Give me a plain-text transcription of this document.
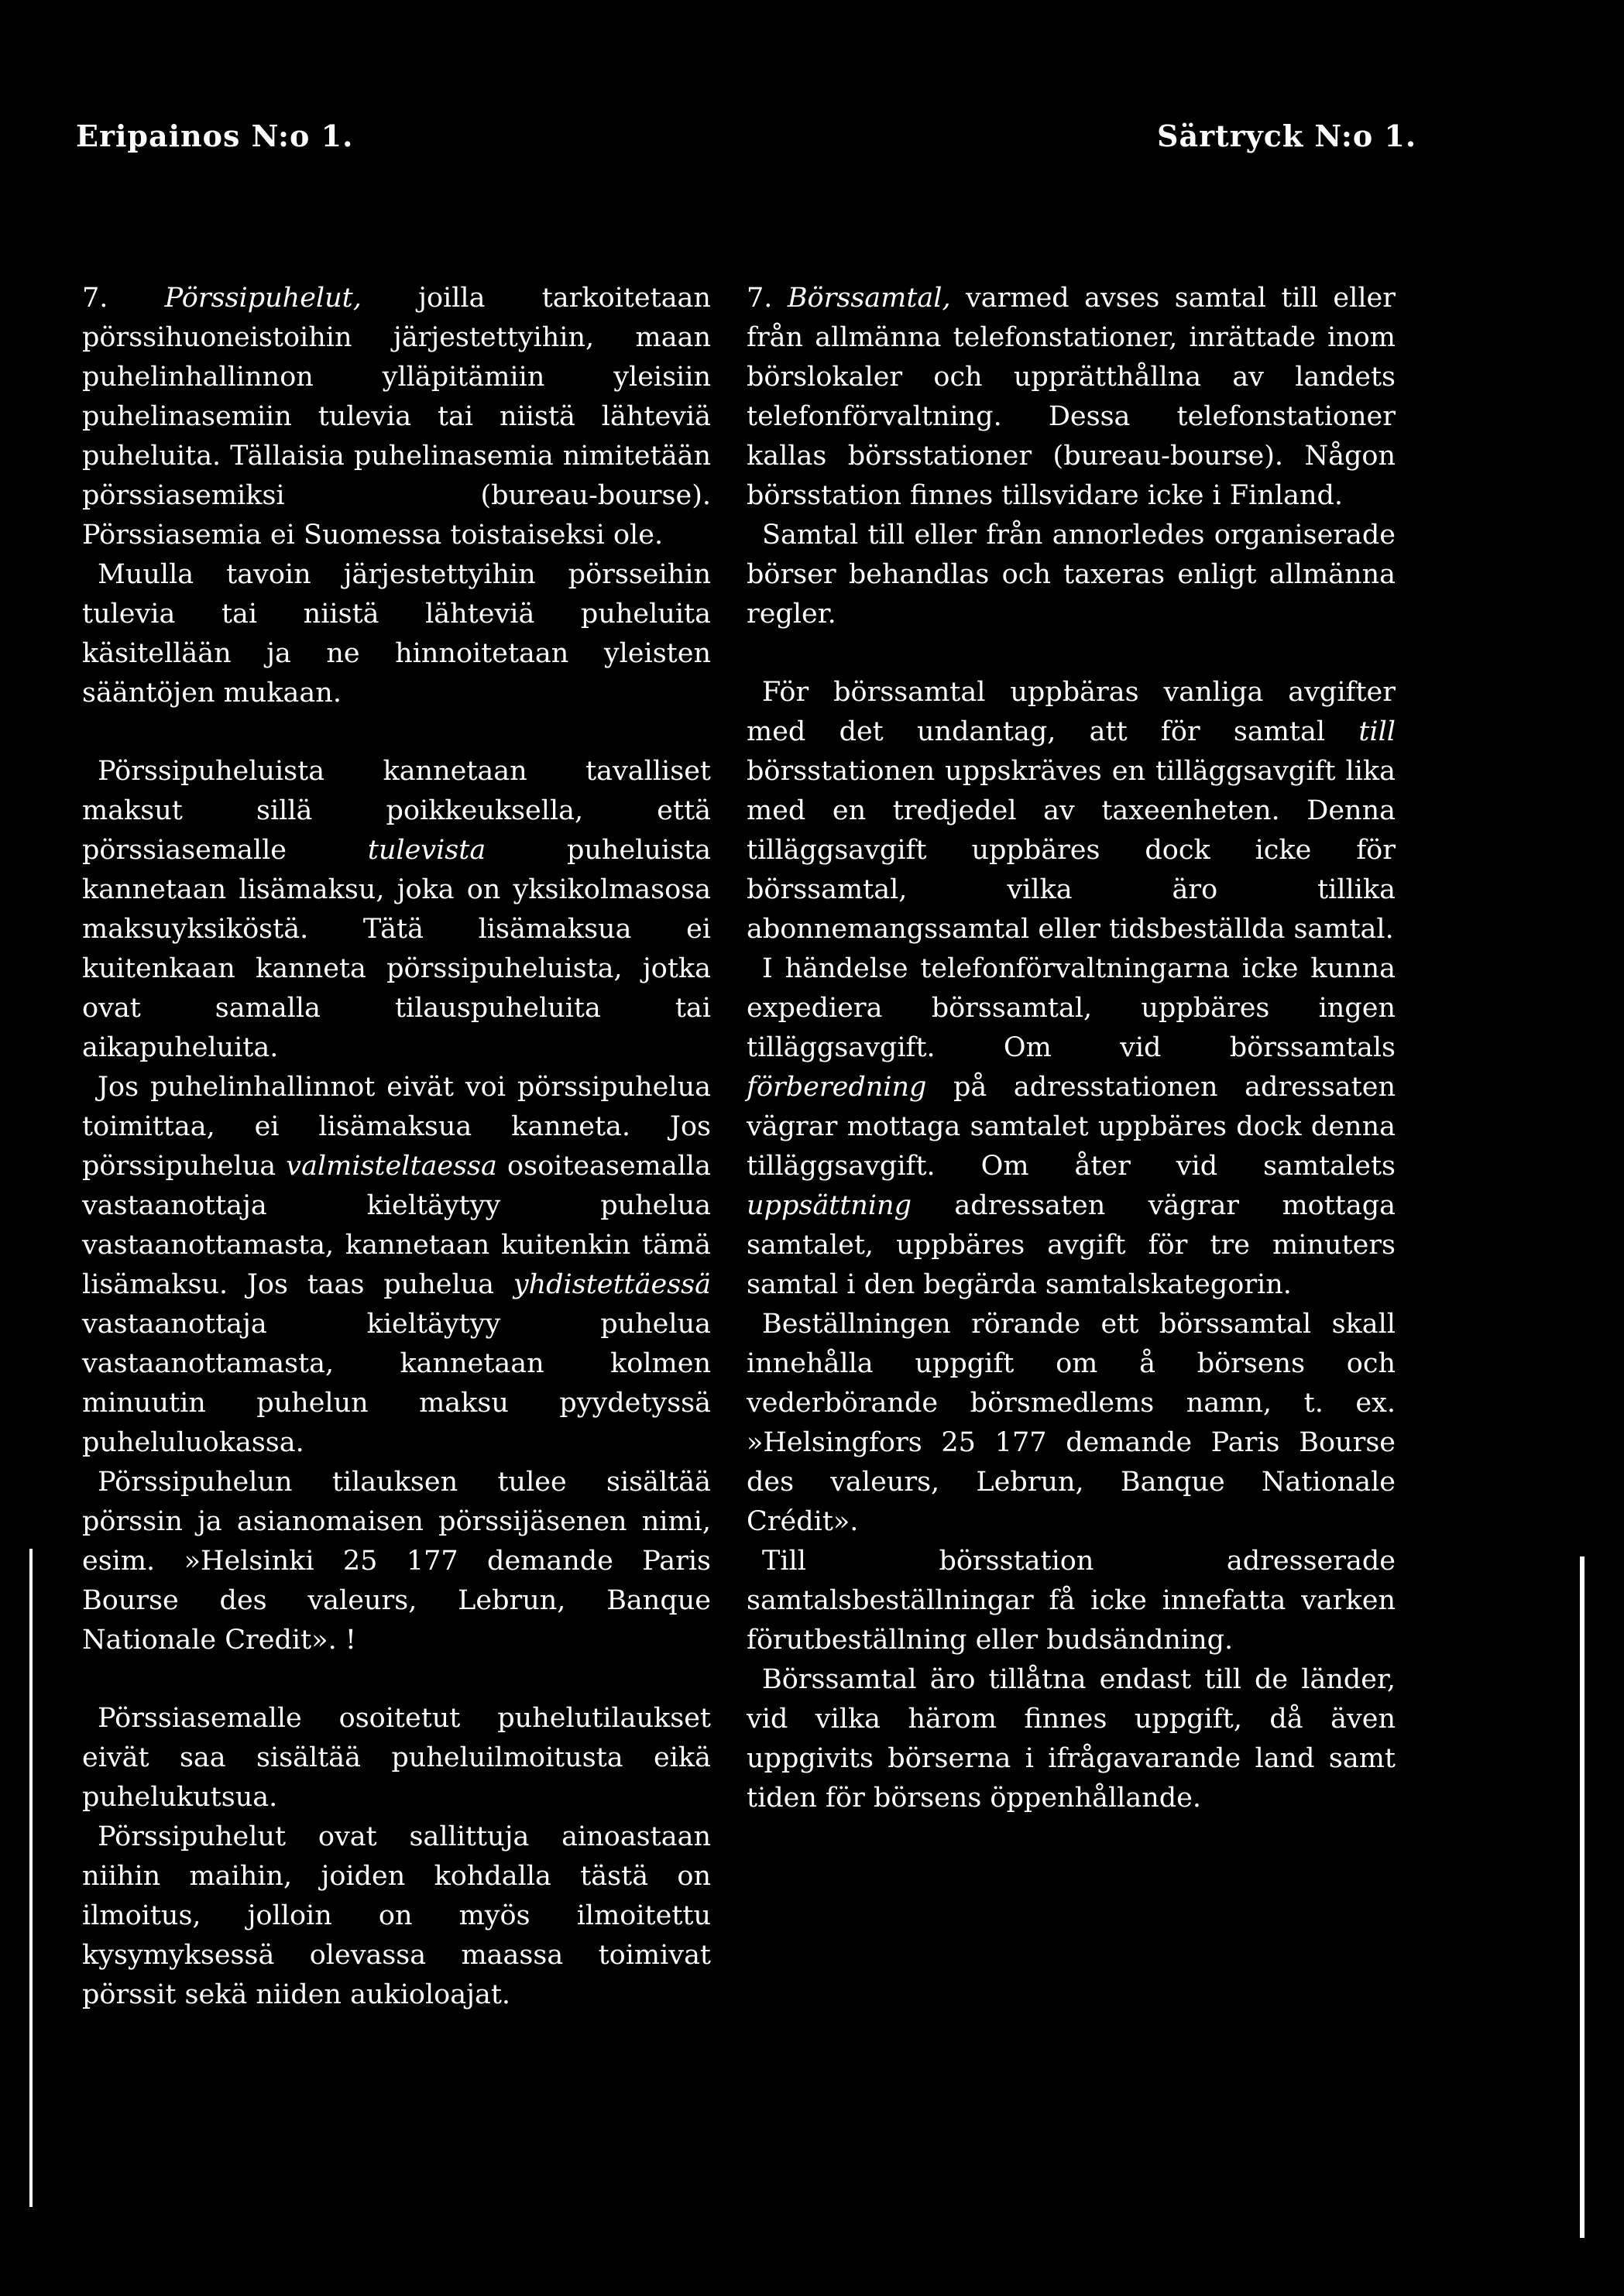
Eripainos N:o 1.	Särtryck N:o 1.

7. Pörssipuhelut, joilla tarkoitetaan pörssihuoneistoihin järjestettyihin, maan puhelinhallinnon ylläpitämiin yleisiin puhelinasemiin tulevia tai niistä lähteviä puheluita. Tällaisia puhelinasemia nimitetään pörssiasemiksi (bureau-bourse). Pörssiasemia ei Suomessa toistaiseksi ole.

Muulla tavoin järjestettyihin pörsseihin tulevia tai niistä lähteviä puheluita käsitellään ja ne hinnoitetaan yleisten sääntöjen mukaan.

Pörssipuheluista kannetaan tavalliset maksut sillä poikkeuksella, että pörssiasemalle	tulevista	puheluista kannetaan lisämaksu, joka on yksikolmasosa maksuyksiköstä. Tätä lisämaksua ei kuitenkaan kanneta pörssipuheluista, jotka ovat samalla tilauspuheluita tai aikapuheluita.

Jos puhelinhallinnot eivät voi pörssipuhelua toimittaa, ei lisämaksua kanneta. Jos pörssipuhelua valmisteltaessa osoiteasemalla vastaanottaja kieltäytyy puhelua vastaanottamasta, kannetaan kuitenkin tämä lisämaksu. Jos taas puhelua yhdistettäessä vastaanottaja kieltäytyy puhelua vastaanottamasta, kannetaan kolmen minuutin puhelun maksu pyydetyssä puheluluokassa.

Pörssipuhelun tilauksen tulee sisältää pörssin ja asianomaisen pörssijäsenen nimi, esim. »Helsinki 25 177 demande Paris Bourse des valeurs, Lebrun, Banque Nationale Credit». !

Pörssiasemalle osoitetut puhelutilaukset eivät saa sisältää puheluilmoitusta eikä puhelukutsua.

Pörssipuhelut ovat sallittuja ainoastaan niihin maihin, joiden kohdalla tästä on ilmoitus, jolloin on myös ilmoitettu kysymyksessä olevassa maassa toimivat pörssit sekä niiden aukioloajat.

7. Börssamtal, varmed avses samtal till eller från allmänna telefonstationer, inrättade inom börslokaler och upprätthållna av landets telefonförvaltning. Dessa telefonstationer kallas börsstationer (bureau-bourse). Någon börsstation finnes tillsvidare icke i Finland.

Samtal till eller från annorledes organiserade börser behandlas och taxeras enligt allmänna regler.

För börssamtal uppbäras vanliga avgifter med det undantag, att för samtal till börsstationen uppskräves en tilläggsavgift lika med en tredjedel av taxeenheten. Denna tilläggsavgift uppbäres dock icke för börssamtal, vilka äro tillika abonnemangssamtal eller tidsbeställda samtal.

I händelse telefonförvaltningarna icke kunna expediera börssamtal, uppbäres ingen tilläggsavgift. Om vid börssamtals förberedning på adresstationen adressaten vägrar mottaga samtalet uppbäres dock denna tilläggsavgift. Om åter vid samtalets uppsättning adressaten vägrar mottaga samtalet, uppbäres avgift för tre minuters samtal i den begärda samtalskategorin.

Beställningen rörande ett börssamtal skall innehålla uppgift om å börsens och vederbörande börsmedlems namn, t. ex. »Helsingfors 25 177 demande Paris Bourse des valeurs, Lebrun, Banque Nationale Crédit».

Till börsstation adresserade samtalsbeställningar få icke innefatta varken förutbeställning eller budsändning.

Börssamtal äro tillåtna endast till de länder, vid vilka härom finnes uppgift, då även uppgivits börserna i ifrågavarande land samt tiden för börsens öppenhållande.
